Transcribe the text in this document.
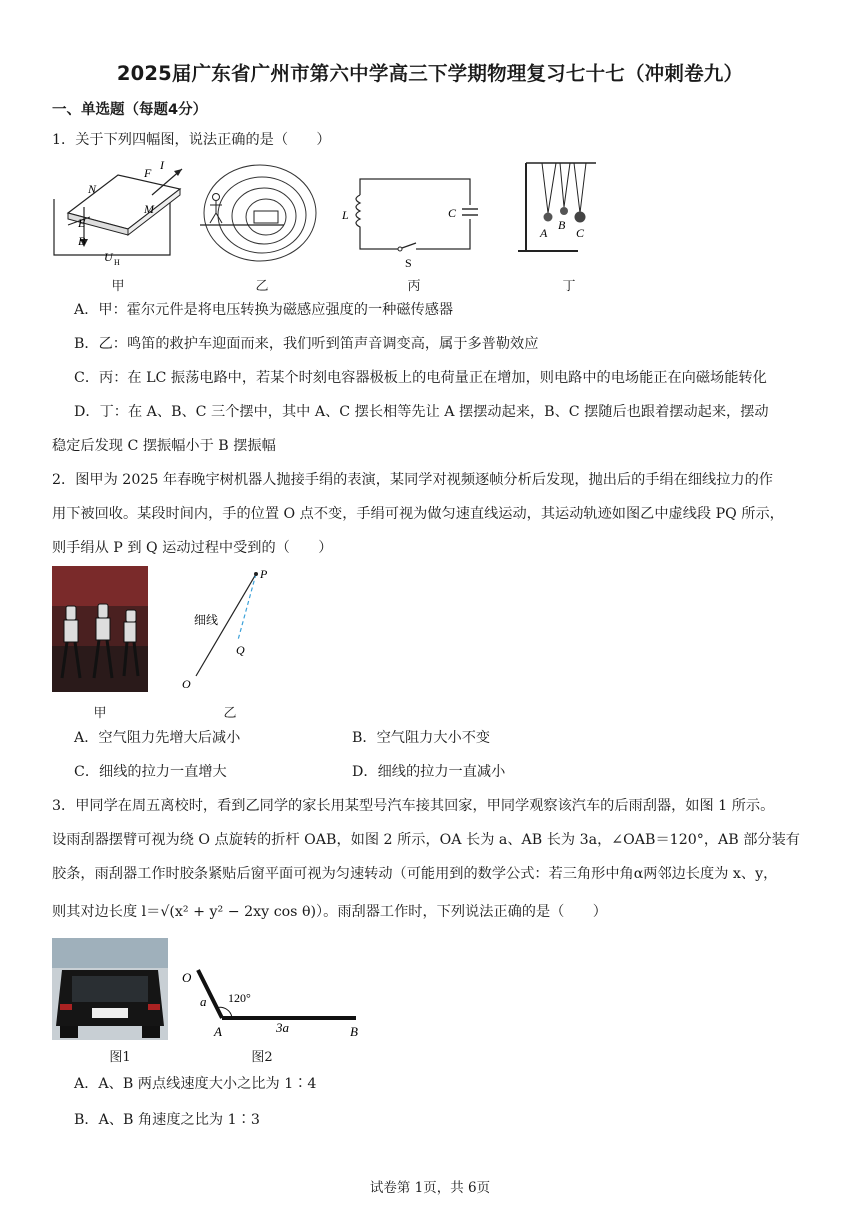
2025届广东省广州市第六中学高三下学期物理复习七十七（冲刺卷九）
一、单选题（每题4分）
1．关于下列四幅图，说法正确的是（　　）
N
F
I
M
E
B
U H
L	C
S
A
B
C
甲	乙	丙	丁
A．甲：霍尔元件是将电压转换为磁感应强度的一种磁传感器
B．乙：鸣笛的救护车迎面而来，我们听到笛声音调变高，属于多普勒效应
C．丙：在 LC 振荡电路中，若某个时刻电容器极板上的电荷量正在增加，则电路中的电场能正在向磁场能转化
D．丁：在 A、B、C 三个摆中，其中 A、C 摆长相等先让 A 摆摆动起来，B、C 摆随后也跟着摆动起来，摆动
稳定后发现 C 摆振幅小于 B 摆振幅
2．图甲为 2025 年春晚宇树机器人抛接手绢的表演，某同学对视频逐帧分析后发现，抛出后的手绢在细线拉力的作
用下被回收。某段时间内，手的位置 O 点不变，手绢可视为做匀速直线运动，其运动轨迹如图乙中虚线段 PQ 所示，
则手绢从 P 到 Q 运动过程中受到的（　　）
P
Q
O
细线
甲	乙
A．空气阻力先增大后减小	B．空气阻力大小不变
C．细线的拉力一直增大	D．细线的拉力一直减小
3．甲同学在周五离校时，看到乙同学的家长用某型号汽车接其回家，甲同学观察该汽车的后雨刮器，如图 1 所示。
设雨刮器摆臂可视为绕 O 点旋转的折杆 OAB，如图 2 所示，OA 长为 a、AB 长为 3a，∠OAB＝120°，AB 部分装有
胶条，雨刮器工作时胶条紧贴后窗平面可视为匀速转动（可能用到的数学公式：若三角形中角α两邻边长度为 x、y，
则其对边长度 l＝√(x² + y² − 2xy cos θ)）。雨刮器工作时，下列说法正确的是（　　）
O
a 120°
A	3a	B
图1	图2
A．A、B 两点线速度大小之比为 1∶4
B．A、B 角速度之比为 1∶3
试卷第 1页，共 6页
